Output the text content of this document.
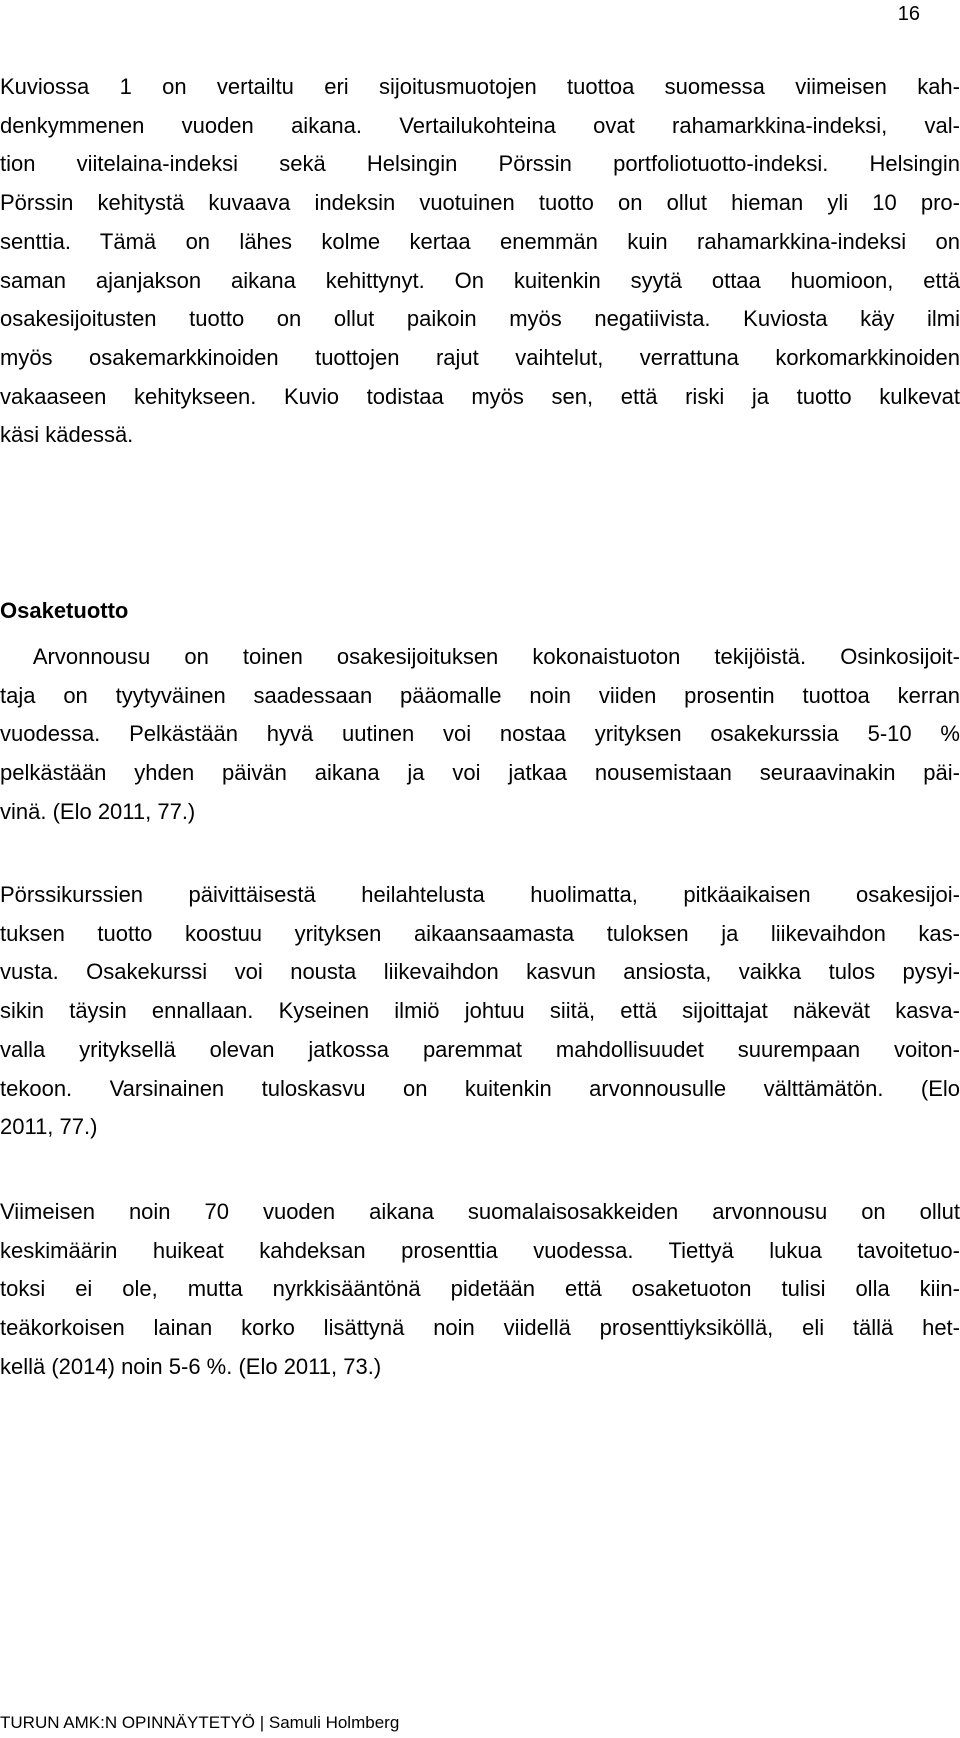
16
Kuviossa 1 on vertailtu eri sijoitusmuotojen tuottoa suomessa viimeisen kah-
denkymmenen vuoden aikana. Vertailukohteina ovat rahamarkkina-indeksi, val-
tion viitelaina-indeksi sekä Helsingin Pörssin portfoliotuotto-indeksi. Helsingin
Pörssin kehitystä kuvaava indeksin vuotuinen tuotto on ollut hieman yli 10 pro-
senttia. Tämä on lähes kolme kertaa enemmän kuin rahamarkkina-indeksi on
saman ajanjakson aikana kehittynyt. On kuitenkin syytä ottaa huomioon, että
osakesijoitusten tuotto on ollut paikoin myös negatiivista. Kuviosta käy ilmi
myös osakemarkkinoiden tuottojen rajut vaihtelut, verrattuna korkomarkkinoiden
vakaaseen kehitykseen. Kuvio todistaa myös sen, että riski ja tuotto kulkevat
käsi kädessä.
Osaketuotto
Arvonnousu on toinen osakesijoituksen kokonaistuoton tekijöistä. Osinkosijoit-
taja on tyytyväinen saadessaan pääomalle noin viiden prosentin tuottoa kerran
vuodessa. Pelkästään hyvä uutinen voi nostaa yrityksen osakekurssia 5-10 %
pelkästään yhden päivän aikana ja voi jatkaa nousemistaan seuraavinakin päi-
vinä. (Elo 2011, 77.)
Pörssikurssien päivittäisestä heilahtelusta huolimatta, pitkäaikaisen osakesijoi-
tuksen tuotto koostuu yrityksen aikaansaamasta tuloksen ja liikevaihdon kas-
vusta. Osakekurssi voi nousta liikevaihdon kasvun ansiosta, vaikka tulos pysyi-
sikin täysin ennallaan. Kyseinen ilmiö johtuu siitä, että sijoittajat näkevät kasva-
valla yrityksellä olevan jatkossa paremmat mahdollisuudet suurempaan voiton-
tekoon. Varsinainen tuloskasvu on kuitenkin arvonnousulle välttämätön. (Elo
2011, 77.)
Viimeisen noin 70 vuoden aikana suomalaisosakkeiden arvonnousu on ollut
keskimäärin huikeat kahdeksan prosenttia vuodessa. Tiettyä lukua tavoitetuo-
toksi ei ole, mutta nyrkkisääntönä pidetään että osaketuoton tulisi olla kiin-
teäkorkoisen lainan korko lisättynä noin viidellä prosenttiyksiköllä, eli tällä het-
kellä (2014) noin 5-6 %. (Elo 2011, 73.)
TURUN AMK:N OPINNÄYTETYÖ | Samuli Holmberg
